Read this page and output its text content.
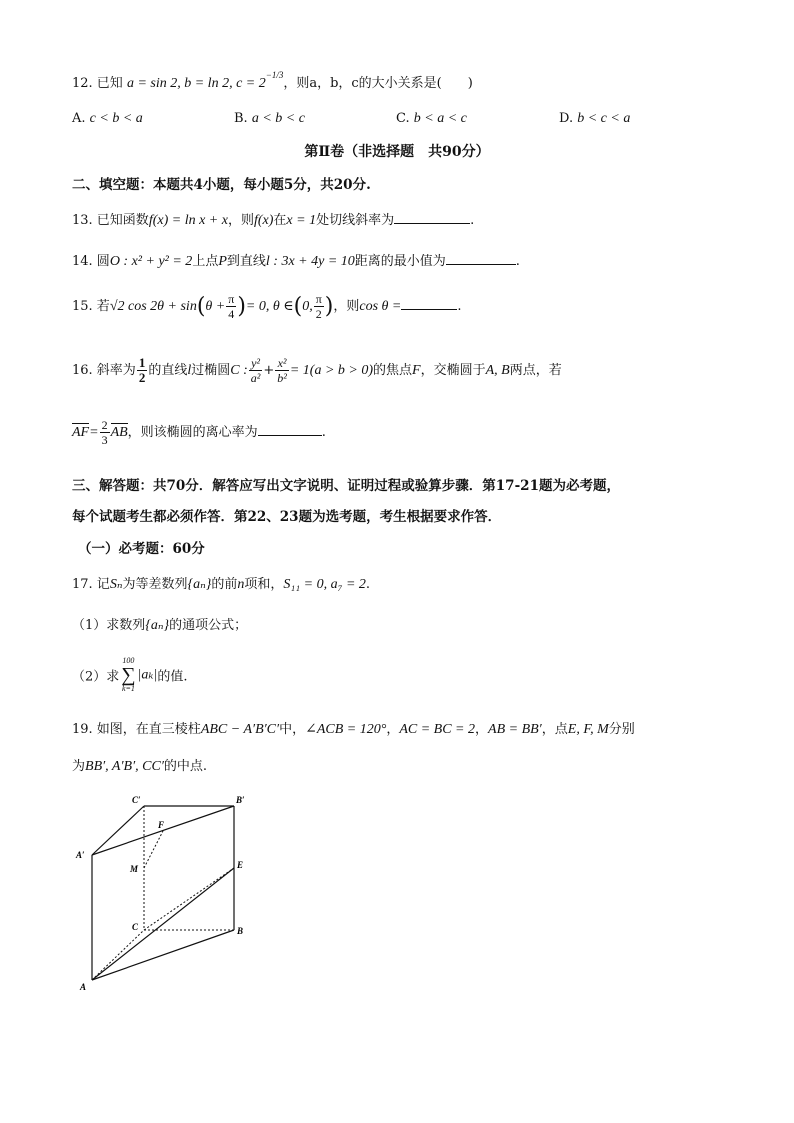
12. 已知 a = sin 2, b = ln 2, $c = 2^{-1/3}$，则a，b，c的大小关系是(　　)
A. c < b < a	B. a < b < c	C. b < a < c	D. b < c < a
第Ⅱ卷（非选择题　共90分）
二、填空题：本题共4小题，每小题5分，共20分.
13. 已知函数f(x) = ln x + x，则f(x)在x = 1处切线斜率为	.
14. 圆O : x² + y² = 2上点P到直线l : 3x + 4y = 10距离的最小值为	.
15. 若√2 $\cos 2\theta + \sin(\theta + \frac{\pi}{4}$ )= 0, θ ∈(0, $\frac{\pi}{2}$ )，则cos θ =	.
16. 斜率为 $\frac{1}{2}$ 的直线l过椭圆C : $\frac{\text{y²}}{\text{a²}} + \frac{\text{x²}}{\text{b²}} = 1(a > b > 0)$的焦点F，交椭圆于A, B两点，若
$AF= \frac{2}{3}$ AB，则该椭圆的离心率为	.
三、解答题：共70分．解答应写出文字说明、证明过程或验算步骤．第17-21题为必考题，
每个试题考生都必须作答．第22、23题为选考题，考生根据要求作答．
（一）必考题：60分
17. 记Sₙ为等差数列{aₙ}的前n项和，S₁₁ = 0, a₇ = 2.
（1）求数列{aₙ}的通项公式；
（2）求
100
∑
k=1
|aₖ|的值.
19. 如图，在直三棱柱ABC − A′B′C′中，∠ACB = 120°，AC = BC = 2，AB = BB′，点E, F, M分别
为BB′, A′B′, CC′的中点.
C′	B′
A′
F
M	E
C	B
A
